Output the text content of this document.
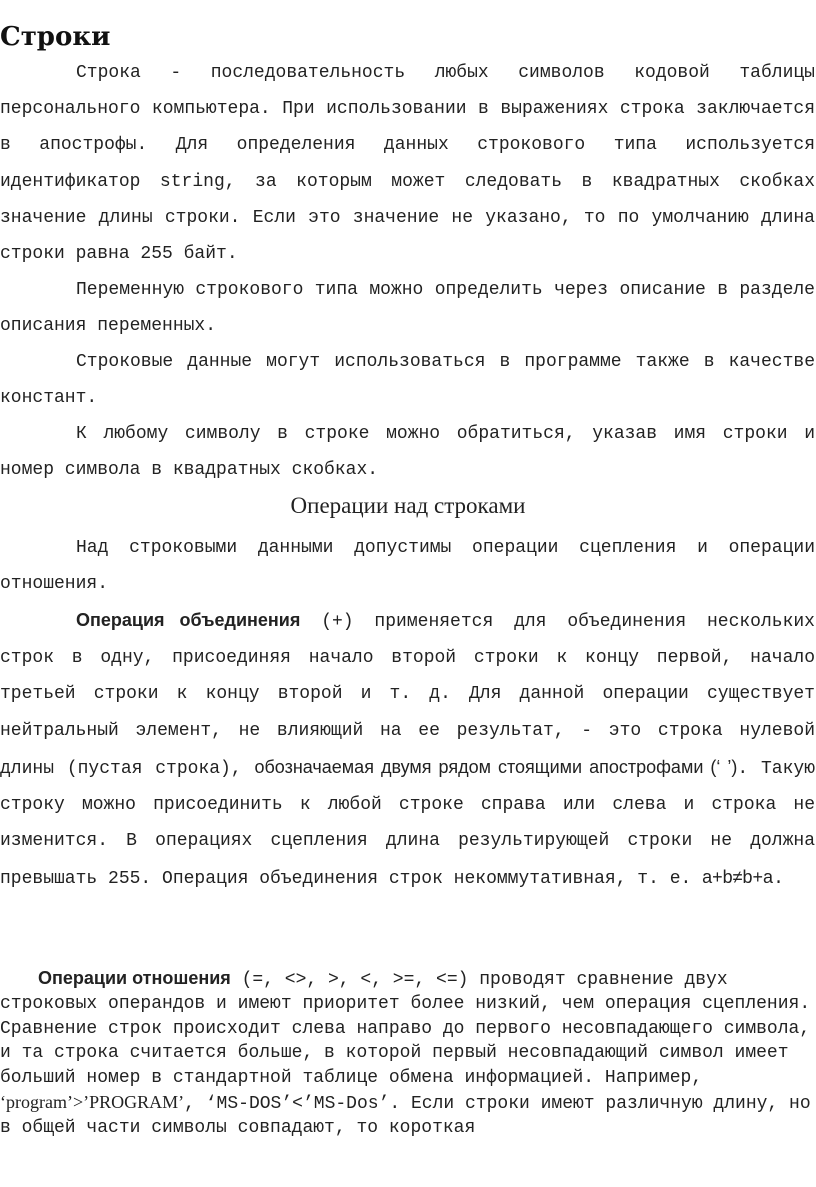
Строки

Строка - последовательность любых символов кодовой таблицы персонального компьютера. При использовании в выражениях строка заключается в апострофы. Для определения данных строкового типа используется идентификатор string, за которым может следовать в квадратных скобках значение длины строки. Если это значение не указано, то по умолчанию длина строки равна 255 байт.

Переменную строкового типа можно определить через описание в разделе описания переменных.

Строковые данные могут использоваться в программе также в качестве констант.

К любому символу в строке можно обратиться, указав имя строки и номер символа в квадратных скобках.

Операции над строками

Над строковыми данными допустимы операции сцепления и операции отношения.

Операция объединения (+) применяется для объединения нескольких строк в одну, присоединяя начало второй строки к концу первой, начало третьей строки к концу второй и т. д. Для данной операции существует нейтральный элемент, не влияющий на ее результат, - это строка нулевой длины (пустая строка), обозначаемая двумя рядом стоящими апострофами (‘ ’). Такую строку можно присоединить к любой строке справа или слева и строка не изменится. В операциях сцепления длина результирующей строки не должна превышать 255. Операция объединения строк некоммутативная, т. е. a+b≠b+a.

Операции отношения (=, <>, >, <, >=, <=) проводят сравнение двух строковых операндов и имеют приоритет более низкий, чем операция сцепления. Сравнение строк происходит слева направо до первого несовпадающего символа, и та строка считается больше, в которой первый несовпадающий символ имеет больший номер в стандартной таблице обмена информацией. Например, ‘program’>’PROGRAM’, ‘MS-DOS’<’MS-Dos’. Если строки имеют различную длину, но в общей части символы совпадают, то короткая
